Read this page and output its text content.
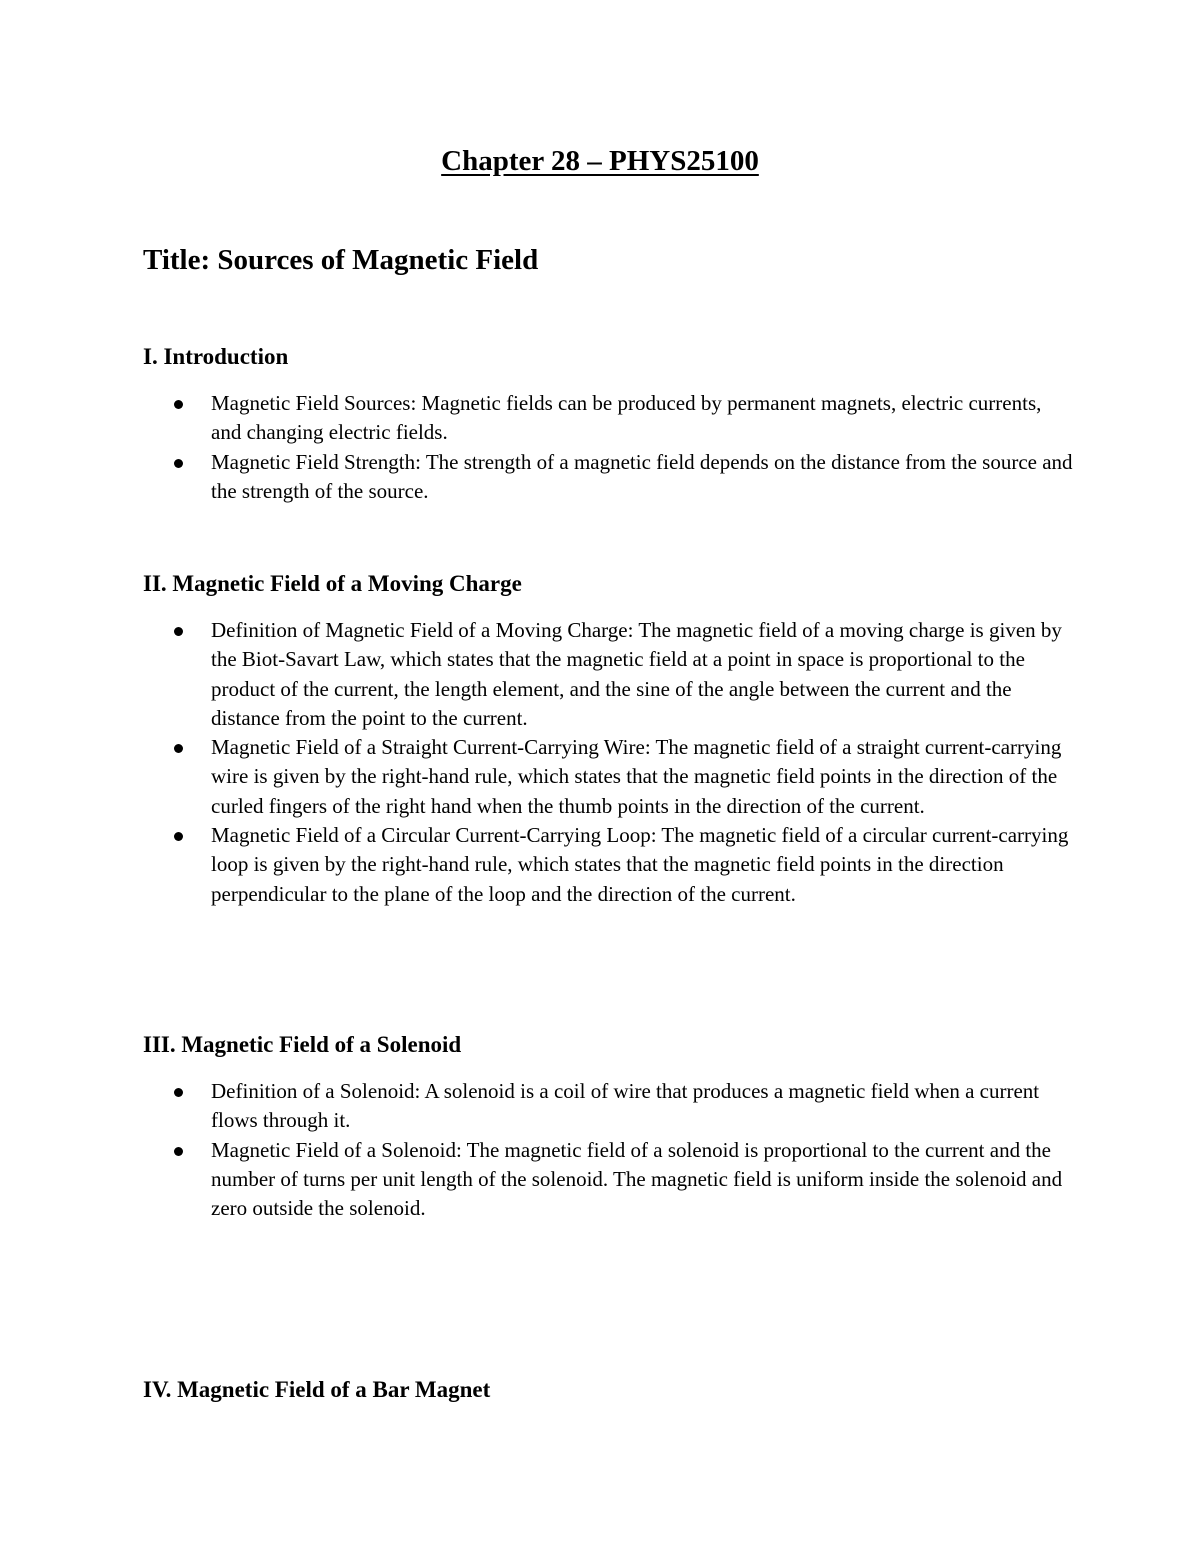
Chapter 28 – PHYS25100
Title: Sources of Magnetic Field
I. Introduction
Magnetic Field Sources: Magnetic fields can be produced by permanent magnets, electric currents, and changing electric fields.
Magnetic Field Strength: The strength of a magnetic field depends on the distance from the source and the strength of the source.
II. Magnetic Field of a Moving Charge
Definition of Magnetic Field of a Moving Charge: The magnetic field of a moving charge is given by the Biot-Savart Law, which states that the magnetic field at a point in space is proportional to the product of the current, the length element, and the sine of the angle between the current and the distance from the point to the current.
Magnetic Field of a Straight Current-Carrying Wire: The magnetic field of a straight current-carrying wire is given by the right-hand rule, which states that the magnetic field points in the direction of the curled fingers of the right hand when the thumb points in the direction of the current.
Magnetic Field of a Circular Current-Carrying Loop: The magnetic field of a circular current-carrying loop is given by the right-hand rule, which states that the magnetic field points in the direction perpendicular to the plane of the loop and the direction of the current.
III. Magnetic Field of a Solenoid
Definition of a Solenoid: A solenoid is a coil of wire that produces a magnetic field when a current flows through it.
Magnetic Field of a Solenoid: The magnetic field of a solenoid is proportional to the current and the number of turns per unit length of the solenoid. The magnetic field is uniform inside the solenoid and zero outside the solenoid.
IV. Magnetic Field of a Bar Magnet
